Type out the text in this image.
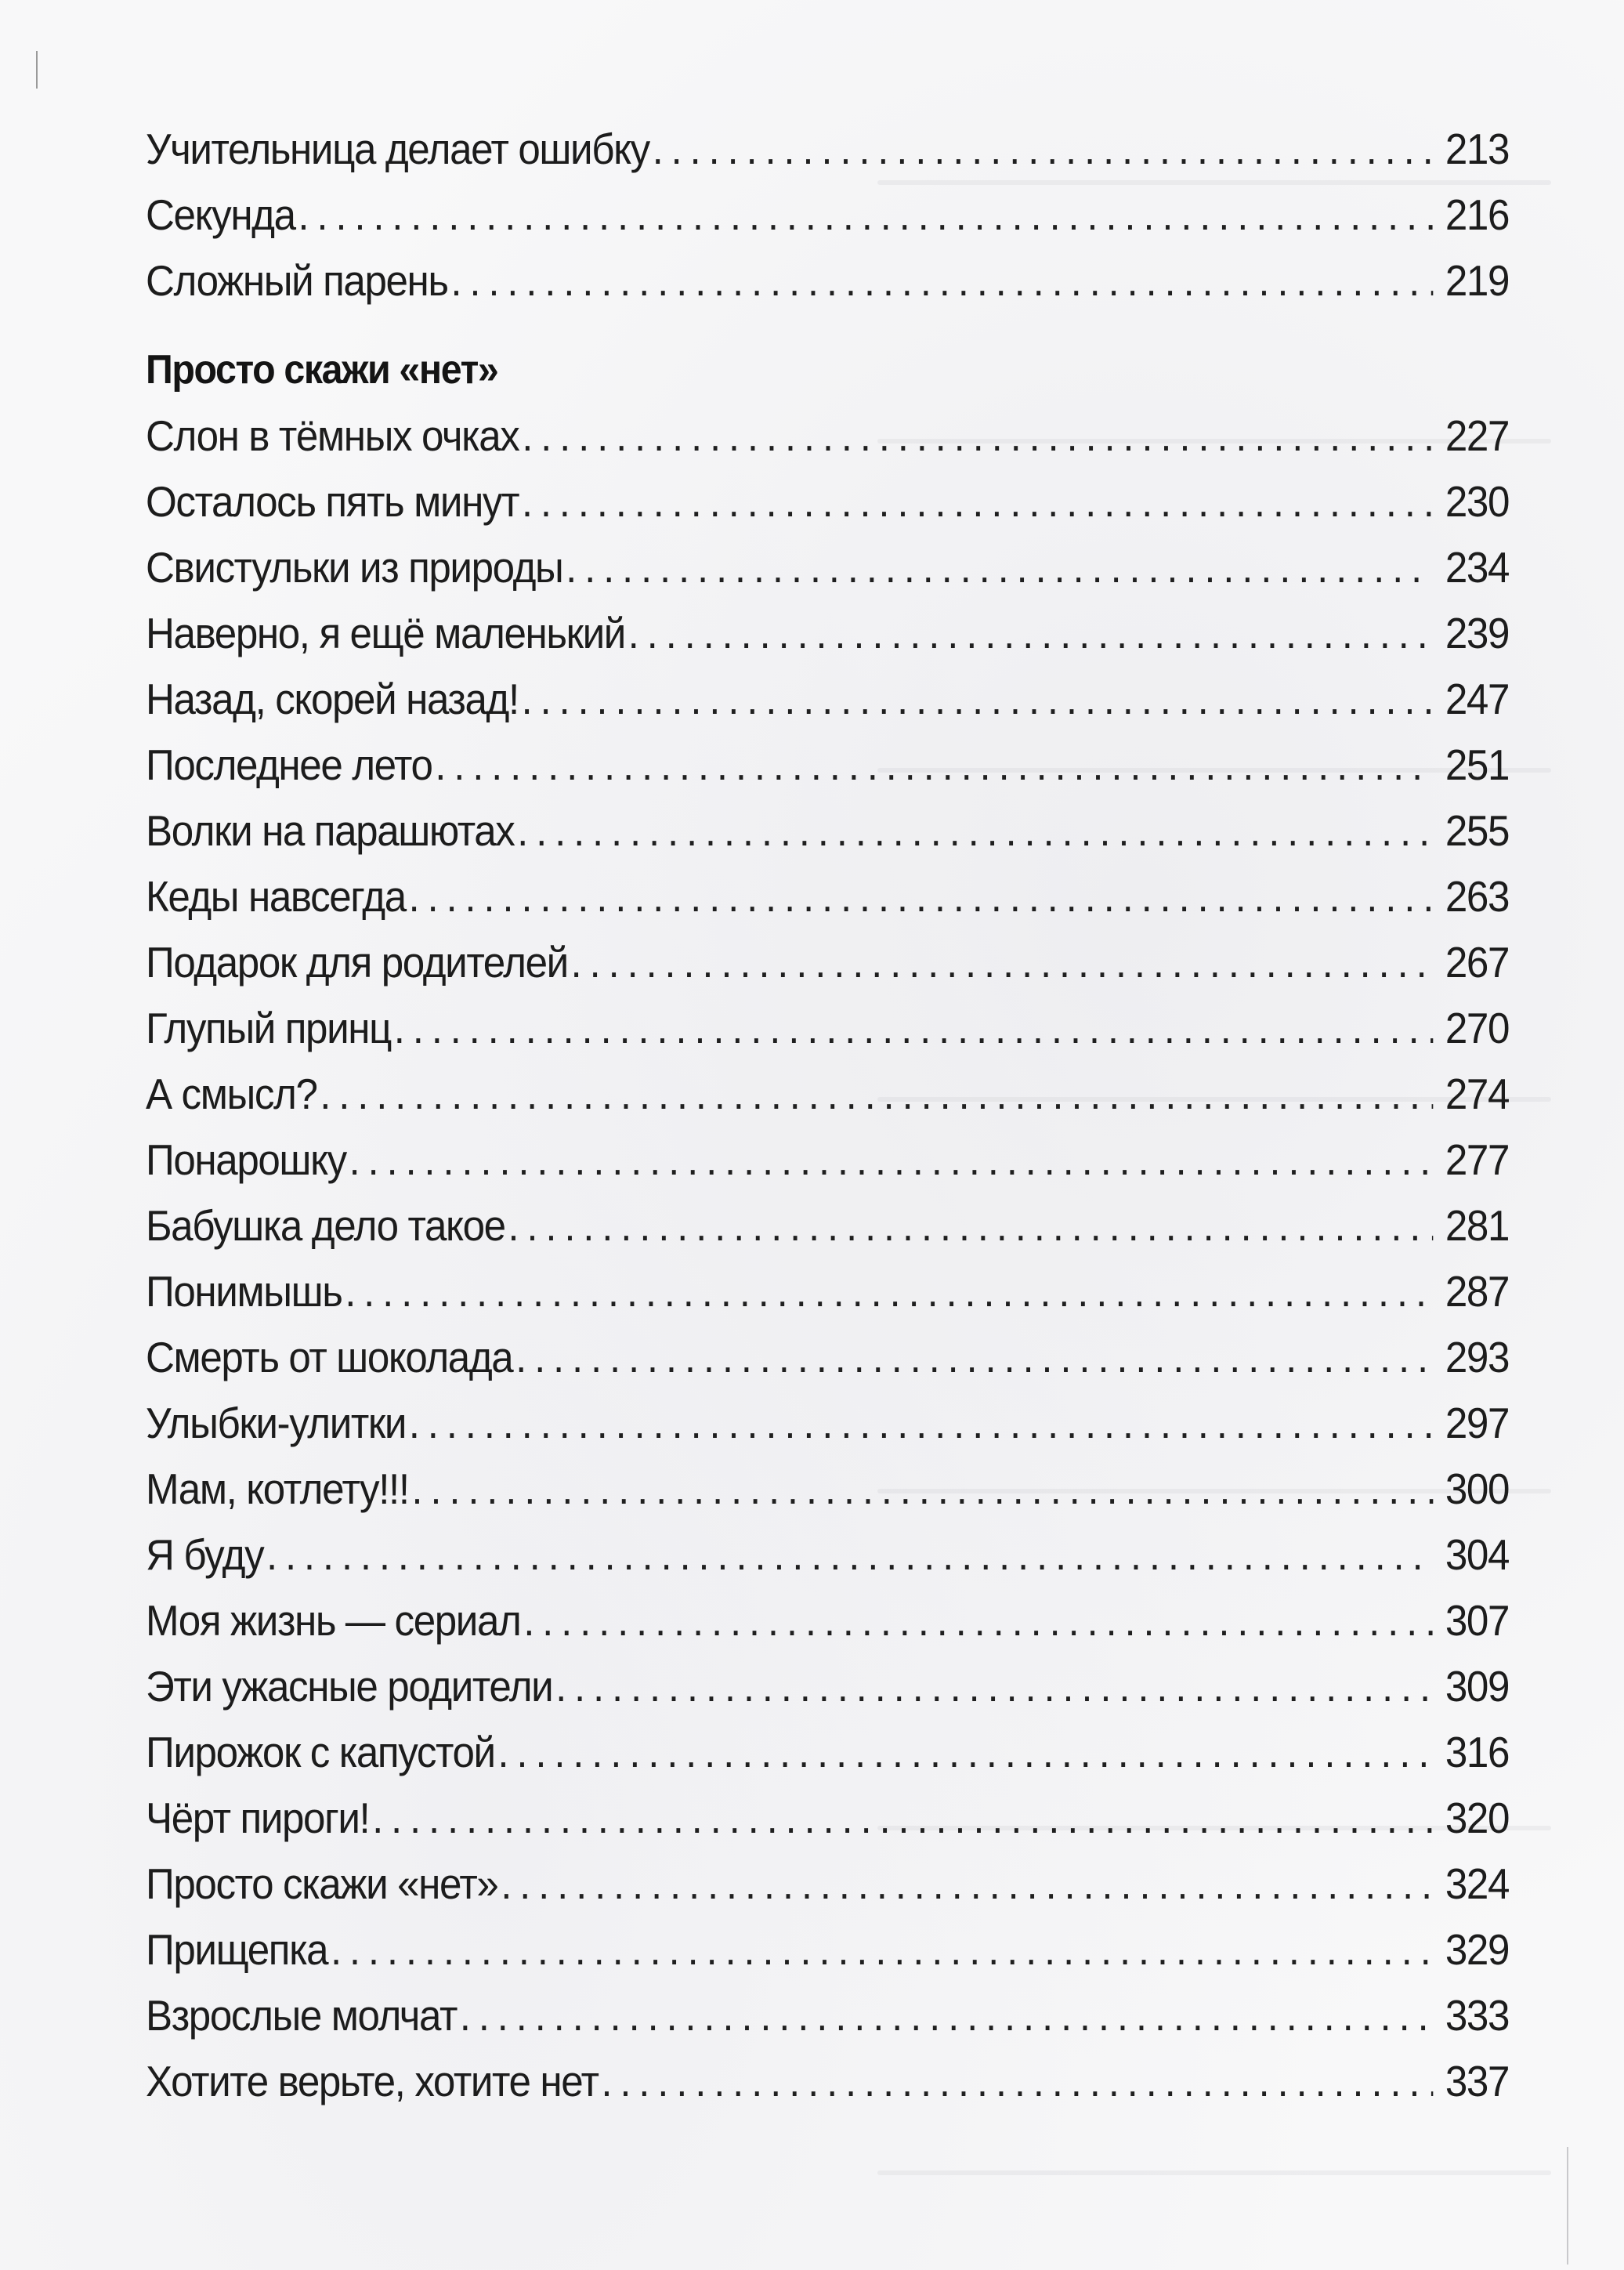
Учительница делает ошибку .....	213
Секунда .....	216
Сложный парень .....	219
Просто скажи «нет»
Слон в тёмных очках .....	227
Осталось пять минут .....	230
Свистульки из природы .....	234
Наверно, я ещё маленький .....	239
Назад, скорей назад! .....	247
Последнее лето .....	251
Волки на парашютах .....	255
Кеды навсегда .....	263
Подарок для родителей .....	267
Глупый принц .....	270
А смысл? .....	274
Понарошку .....	277
Бабушка дело такое .....	281
Понимышь .....	287
Смерть от шоколада .....	293
Улыбки-улитки .....	297
Мам, котлету!!! .....	300
Я буду .....	304
Моя жизнь — сериал .....	307
Эти ужасные родители .....	309
Пирожок с капустой .....	316
Чёрт пироги! .....	320
Просто скажи «нет» .....	324
Прищепка .....	329
Взрослые молчат .....	333
Хотите верьте, хотите нет .....	337
